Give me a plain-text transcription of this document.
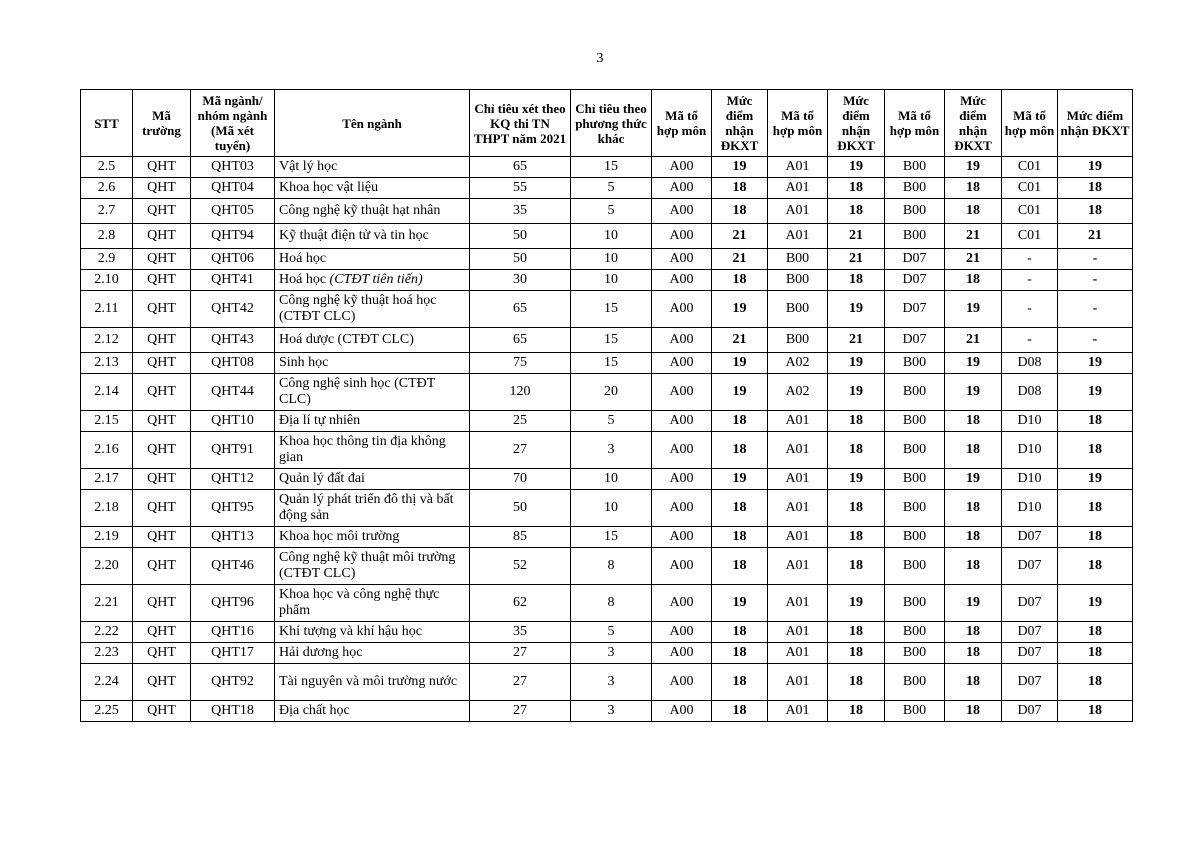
3
STT	Mã trường	Mã ngành/ nhóm ngành (Mã xét tuyển)	Tên ngành	Chỉ tiêu xét theo KQ thi TN THPT năm 2021	Chỉ tiêu theo phương thức khác	Mã tổ hợp môn	Mức điểm nhận ĐKXT	Mã tổ hợp môn	Mức điểm nhận ĐKXT	Mã tổ hợp môn	Mức điểm nhận ĐKXT	Mã tổ hợp môn	Mức điểm nhận ĐKXT
2.5	QHT	QHT03	Vật lý học	65	15	A00	19	A01	19	B00	19	C01	19
2.6	QHT	QHT04	Khoa học vật liệu	55	5	A00	18	A01	18	B00	18	C01	18
2.7	QHT	QHT05	Công nghệ kỹ thuật hạt nhân	35	5	A00	18	A01	18	B00	18	C01	18
2.8	QHT	QHT94	Kỹ thuật điện tử và tin học	50	10	A00	21	A01	21	B00	21	C01	21
2.9	QHT	QHT06	Hoá học	50	10	A00	21	B00	21	D07	21	-	-
2.10	QHT	QHT41	Hoá học (CTĐT tiên tiến)	30	10	A00	18	B00	18	D07	18	-	-
2.11	QHT	QHT42	Công nghệ kỹ thuật hoá học (CTĐT CLC)	65	15	A00	19	B00	19	D07	19	-	-
2.12	QHT	QHT43	Hoá dược (CTĐT CLC)	65	15	A00	21	B00	21	D07	21	-	-
2.13	QHT	QHT08	Sinh học	75	15	A00	19	A02	19	B00	19	D08	19
2.14	QHT	QHT44	Công nghệ sinh học (CTĐT CLC)	120	20	A00	19	A02	19	B00	19	D08	19
2.15	QHT	QHT10	Địa lí tự nhiên	25	5	A00	18	A01	18	B00	18	D10	18
2.16	QHT	QHT91	Khoa học thông tin địa không gian	27	3	A00	18	A01	18	B00	18	D10	18
2.17	QHT	QHT12	Quản lý đất đai	70	10	A00	19	A01	19	B00	19	D10	19
2.18	QHT	QHT95	Quản lý phát triển đô thị và bất động sản	50	10	A00	18	A01	18	B00	18	D10	18
2.19	QHT	QHT13	Khoa học môi trường	85	15	A00	18	A01	18	B00	18	D07	18
2.20	QHT	QHT46	Công nghệ kỹ thuật môi trường (CTĐT CLC)	52	8	A00	18	A01	18	B00	18	D07	18
2.21	QHT	QHT96	Khoa học và công nghệ thực phẩm	62	8	A00	19	A01	19	B00	19	D07	19
2.22	QHT	QHT16	Khí tượng và khí hậu học	35	5	A00	18	A01	18	B00	18	D07	18
2.23	QHT	QHT17	Hải dương học	27	3	A00	18	A01	18	B00	18	D07	18
2.24	QHT	QHT92	Tài nguyên và môi trường nước	27	3	A00	18	A01	18	B00	18	D07	18
2.25	QHT	QHT18	Địa chất học	27	3	A00	18	A01	18	B00	18	D07	18
